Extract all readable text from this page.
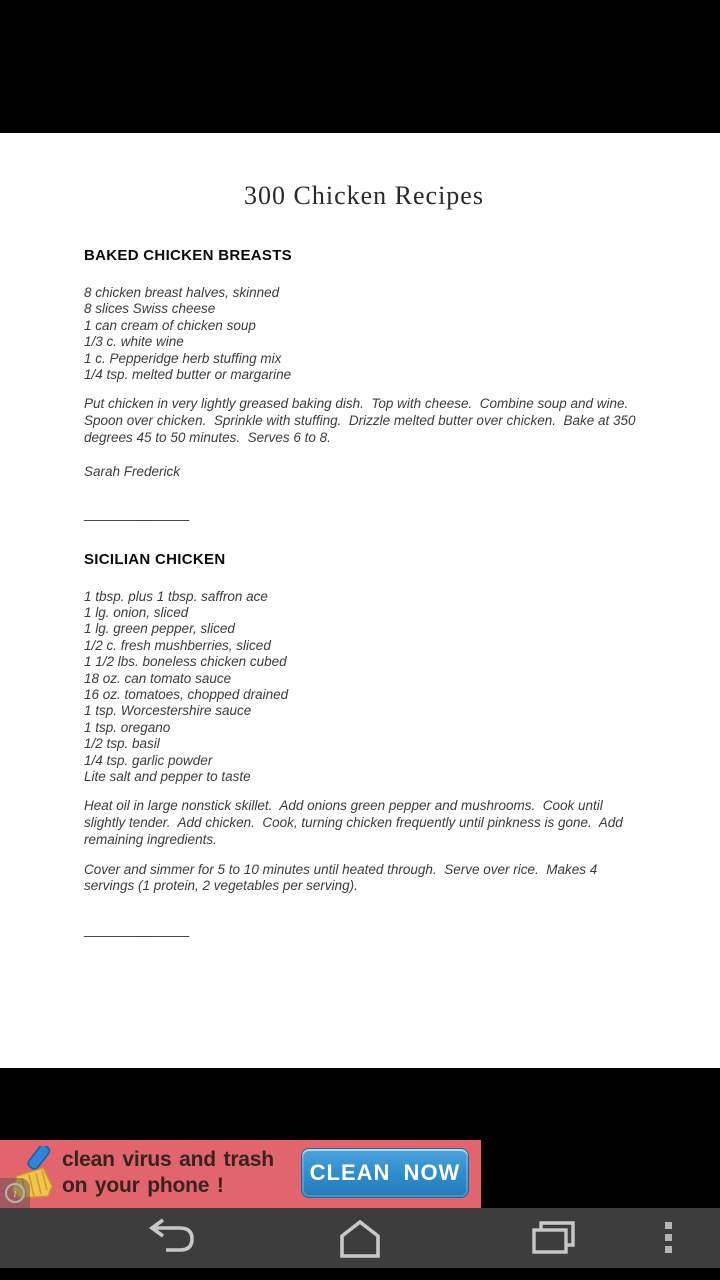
300 Chicken Recipes
BAKED CHICKEN BREASTS
8 chicken breast halves, skinned
8 slices Swiss cheese
1 can cream of chicken soup
1/3 c. white wine
1 c. Pepperidge herb stuffing mix
1/4 tsp. melted butter or margarine

Put chicken in very lightly greased baking dish.  Top with cheese.  Combine soup and wine.  Spoon over chicken.  Sprinkle with stuffing.  Drizzle melted butter over chicken.  Bake at 350 degrees 45 to 50 minutes.  Serves 6 to 8.

Sarah Frederick

______________
SICILIAN CHICKEN
1 tbsp. plus 1 tbsp. saffron ace
1 lg. onion, sliced
1 lg. green pepper, sliced
1/2 c. fresh mushberries, sliced
1 1/2 lbs. boneless chicken cubed
18 oz. can tomato sauce
16 oz. tomatoes, chopped drained
1 tsp. Worcestershire sauce
1 tsp. oregano
1/2 tsp. basil
1/4 tsp. garlic powder
Lite salt and pepper to taste

Heat oil in large nonstick skillet.  Add onions green pepper and mushrooms.  Cook until slightly tender.  Add chicken.  Cook, turning chicken frequently until pinkness is gone.  Add remaining ingredients.

Cover and simmer for 5 to 10 minutes until heated through.  Serve over rice.  Makes 4 servings (1 protein, 2 vegetables per serving).

______________
clean virus and trash
on your phone !
CLEAN NOW
i
